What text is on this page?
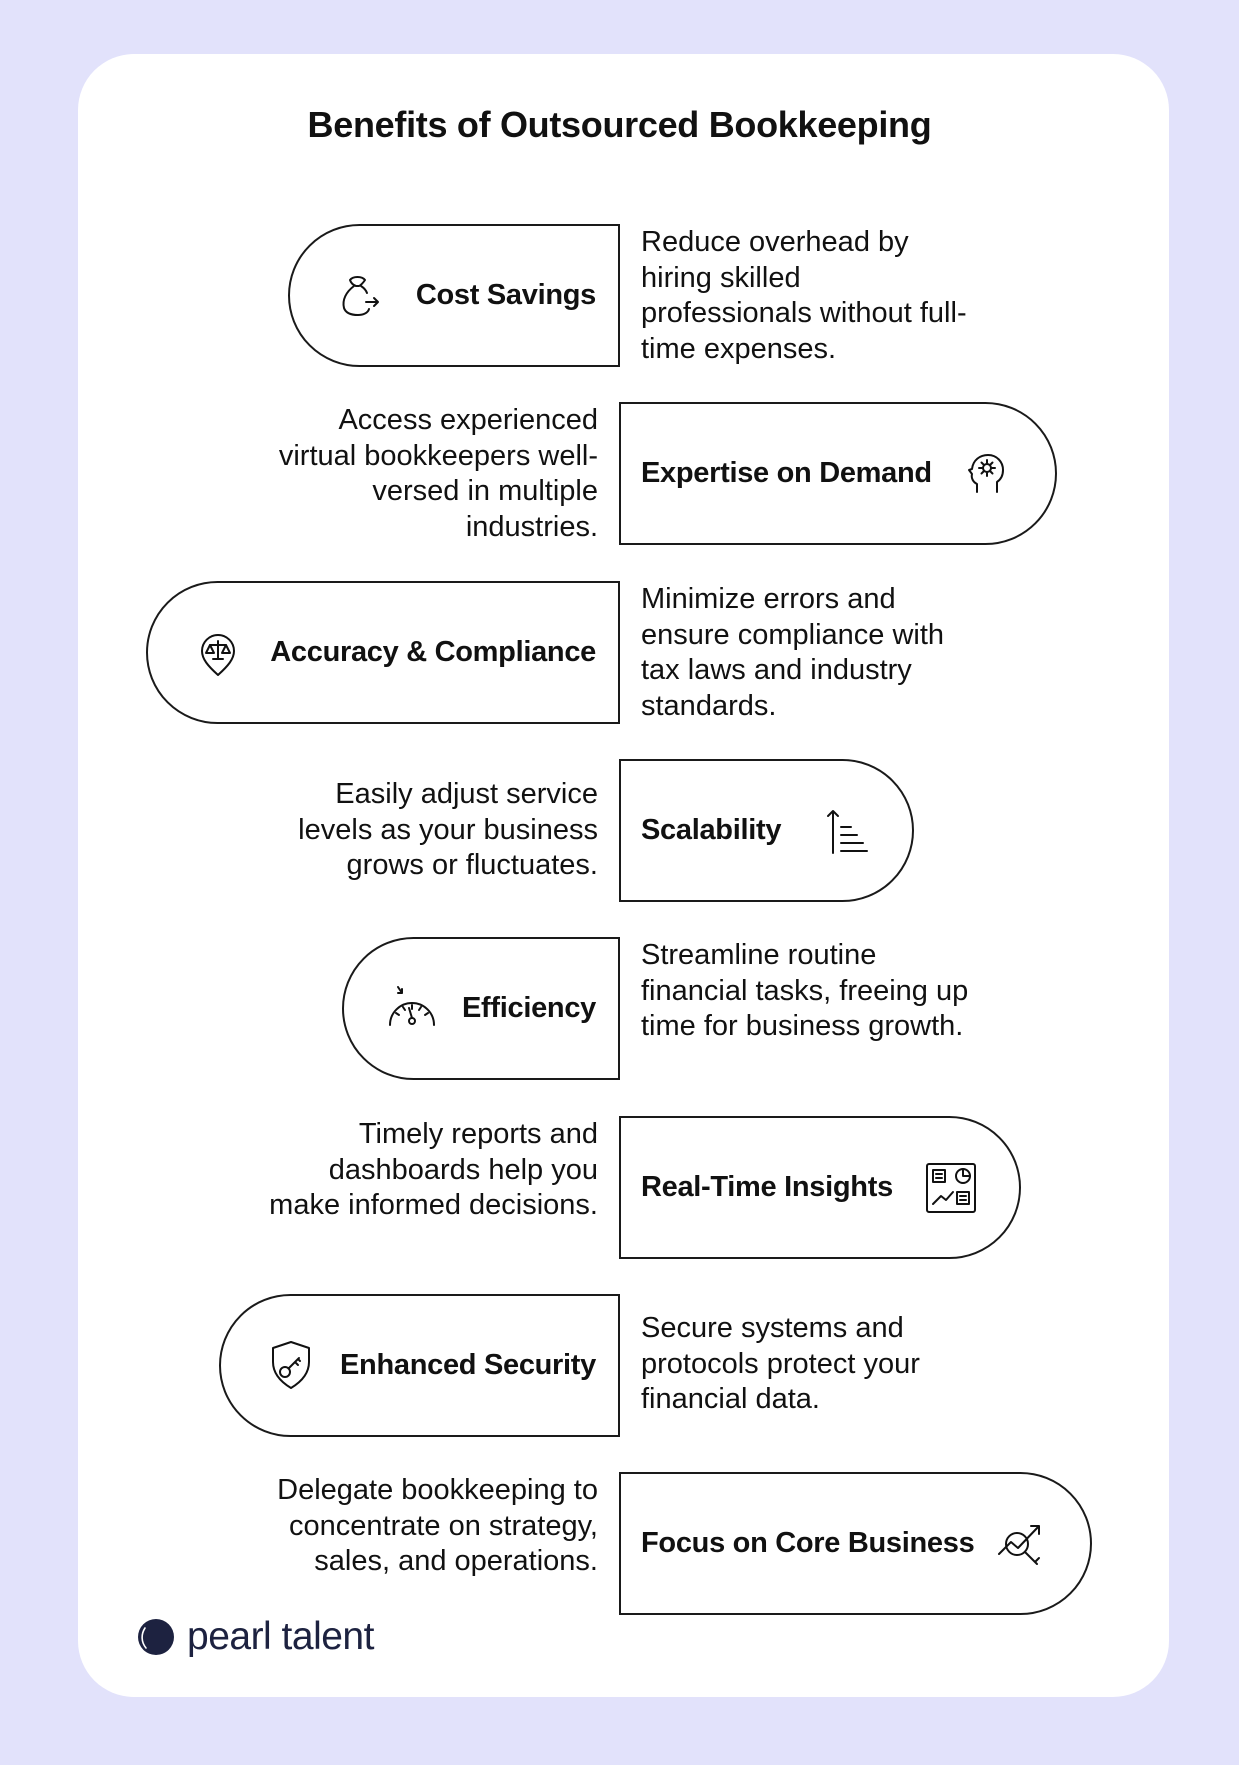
Benefits of Outsourced Bookkeeping
Cost Savings
Reduce overhead by hiring skilled professionals without full-time expenses.
Expertise on Demand
Access experienced virtual bookkeepers well-versed in multiple industries.
Accuracy & Compliance
Minimize errors and ensure compliance with tax laws and industry standards.
Scalability
Easily adjust service levels as your business grows or fluctuates.
Efficiency
Streamline routine financial tasks, freeing up time for business growth.
Real-Time Insights
Timely reports and dashboards help you make informed decisions.
Enhanced Security
Secure systems and protocols protect your financial data.
Focus on Core Business
Delegate bookkeeping to concentrate on strategy, sales, and operations.
pearl talent
